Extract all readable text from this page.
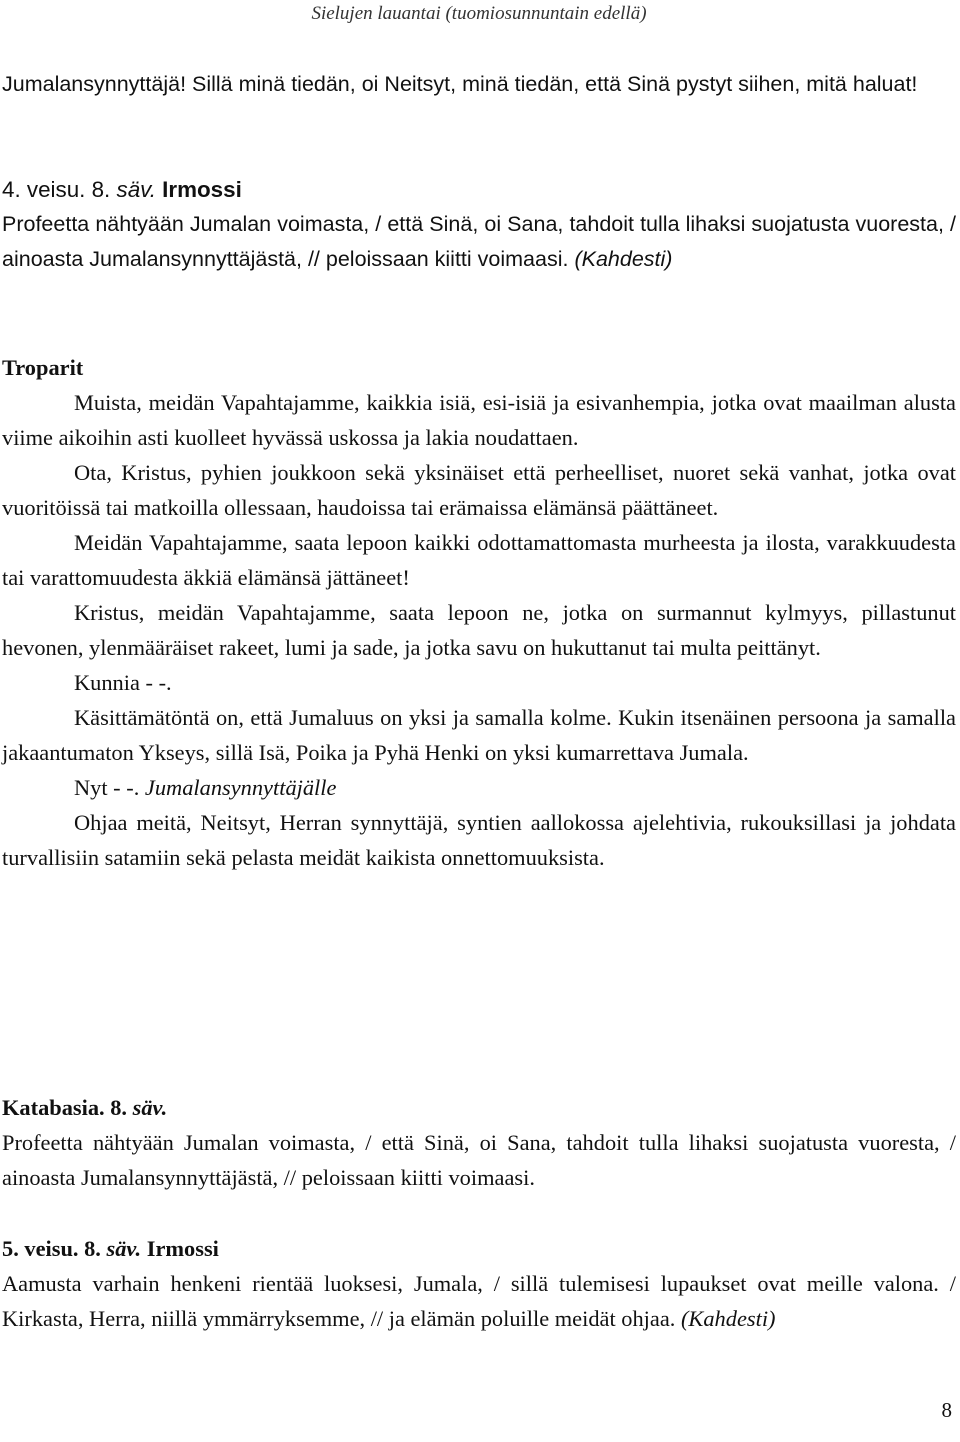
Sielujen lauantai (tuomiosunnuntain edellä)

Jumalansynnyttäjä! Sillä minä tiedän, oi Neitsyt, minä tiedän, että Sinä pystyt siihen, mitä haluat!

4. veisu. 8. säv. Irmossi

Profeetta nähtyään Jumalan voimasta, / että Sinä, oi Sana, tahdoit tulla lihaksi suojatusta vuoresta, / ainoasta Jumalansynnyttäjästä, // peloissaan kiitti voimaasi. (Kahdesti)

Troparit

Muista, meidän Vapahtajamme, kaikkia isiä, esi-isiä ja esivanhempia, jotka ovat maailman alusta viime aikoihin asti kuolleet hyvässä uskossa ja lakia noudattaen.

Ota, Kristus, pyhien joukkoon sekä yksinäiset että perheelliset, nuoret sekä vanhat, jotka ovat vuoritöissä tai matkoilla ollessaan, haudoissa tai erämaissa elämänsä päättäneet.

Meidän Vapahtajamme, saata lepoon kaikki odottamattomasta murheesta ja ilosta, varakkuudesta tai varattomuudesta äkkiä elämänsä jättäneet!

Kristus, meidän Vapahtajamme, saata lepoon ne, jotka on surmannut kylmyys, pillastunut hevonen, ylenmääräiset rakeet, lumi ja sade, ja jotka savu on hukuttanut tai multa peittänyt.

Kunnia - -.

Käsittämätöntä on, että Jumaluus on yksi ja samalla kolme. Kukin itsenäinen persoona ja samalla jakaantumaton Ykseys, sillä Isä, Poika ja Pyhä Henki on yksi kumarrettava Jumala.

Nyt - -. Jumalansynnyttäjälle

Ohjaa meitä, Neitsyt, Herran synnyttäjä, syntien aallokossa ajelehtivia, rukouksillasi ja johdata turvallisiin satamiin sekä pelasta meidät kaikista onnettomuuksista.

Katabasia. 8. säv.

Profeetta nähtyään Jumalan voimasta, / että Sinä, oi Sana, tahdoit tulla lihaksi suojatusta vuoresta, / ainoasta Jumalansynnyttäjästä, // peloissaan kiitti voimaasi.

5. veisu. 8. säv. Irmossi

Aamusta varhain henkeni rientää luoksesi, Jumala, / sillä tulemisesi lupaukset ovat meille valona. / Kirkasta, Herra, niillä ymmärryksemme, // ja elämän poluille meidät ohjaa. (Kahdesti)

8
